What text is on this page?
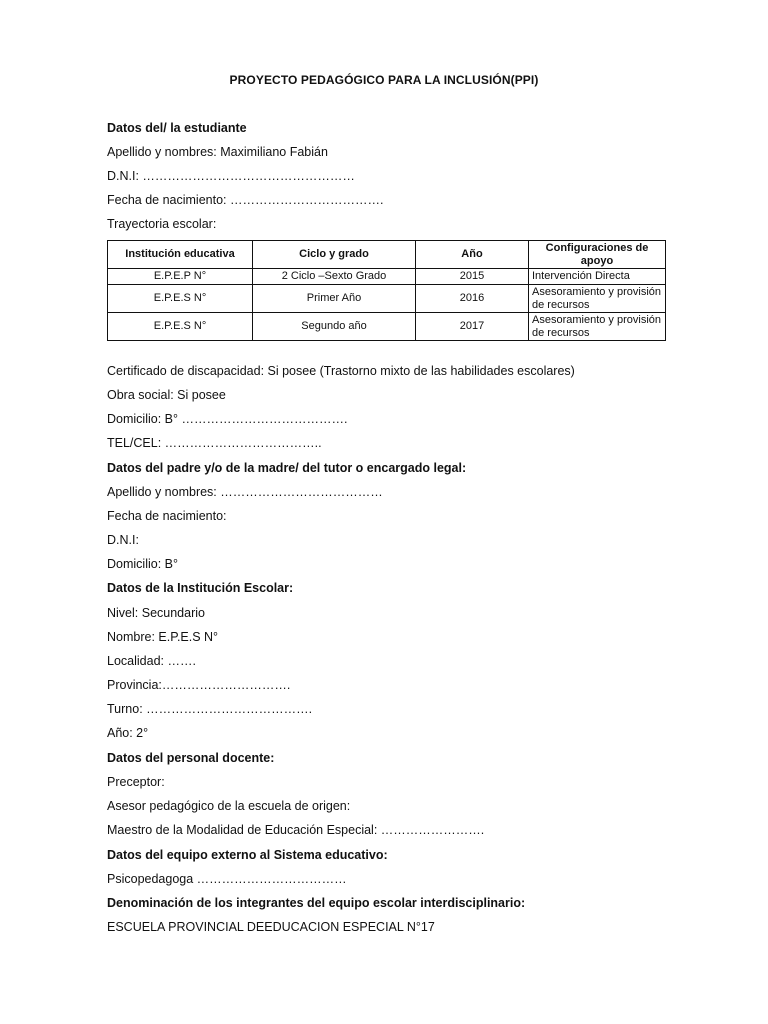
PROYECTO PEDAGÓGICO PARA LA INCLUSIÓN(PPI)
Datos del/ la estudiante
Apellido y nombres: Maximiliano Fabián
D.N.I: ……………………………………………
Fecha de nacimiento: ……………………………….
Trayectoria escolar:
Institución educativa	Ciclo y grado	Año	Configuraciones de apoyo
E.P.E.P N°	2 Ciclo –Sexto Grado	2015	Intervención Directa
E.P.E.S N°	Primer Año	2016	Asesoramiento y provisión de recursos
E.P.E.S N°	Segundo año	2017	Asesoramiento y provisión de recursos
Certificado de discapacidad: Si posee (Trastorno mixto de las habilidades escolares)
Obra social: Si posee
Domicilio: B° ………………………………….
TEL/CEL: ………………………………..
Datos del padre y/o de la madre/ del tutor o encargado legal:
Apellido y nombres: …………………………………
Fecha de nacimiento:
D.N.I:
Domicilio: B°
Datos de la Institución Escolar:
Nivel: Secundario
Nombre: E.P.E.S N°
Localidad: …….
Provincia:………………………….
Turno: ………………………………….
Año: 2°
Datos del personal docente:
Preceptor:
Asesor pedagógico de la escuela de origen:
Maestro de la Modalidad de Educación Especial: …………………….
Datos del equipo externo al Sistema educativo:
Psicopedagoga ………………………………
Denominación de los integrantes del equipo escolar interdisciplinario:
ESCUELA PROVINCIAL DEEDUCACION ESPECIAL N°17
